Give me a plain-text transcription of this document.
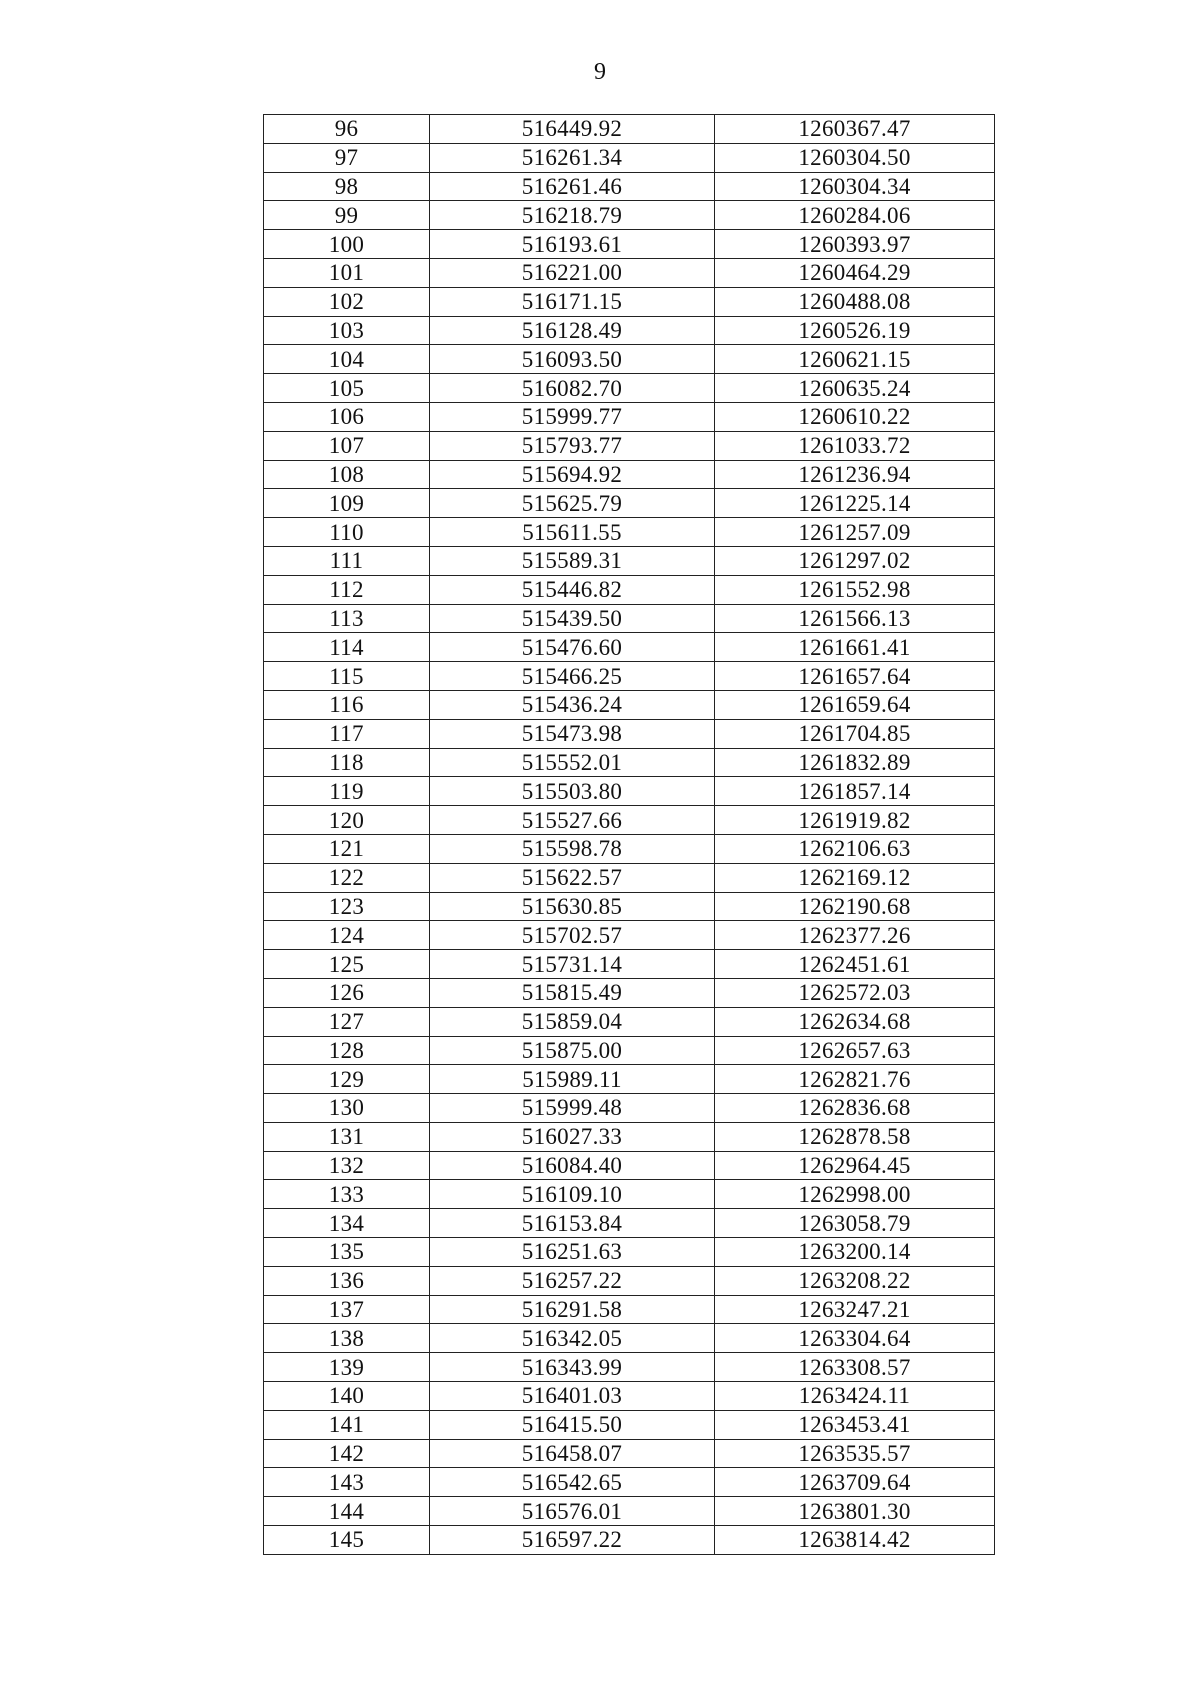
9
96	516449.92	1260367.47
97	516261.34	1260304.50
98	516261.46	1260304.34
99	516218.79	1260284.06
100	516193.61	1260393.97
101	516221.00	1260464.29
102	516171.15	1260488.08
103	516128.49	1260526.19
104	516093.50	1260621.15
105	516082.70	1260635.24
106	515999.77	1260610.22
107	515793.77	1261033.72
108	515694.92	1261236.94
109	515625.79	1261225.14
110	515611.55	1261257.09
111	515589.31	1261297.02
112	515446.82	1261552.98
113	515439.50	1261566.13
114	515476.60	1261661.41
115	515466.25	1261657.64
116	515436.24	1261659.64
117	515473.98	1261704.85
118	515552.01	1261832.89
119	515503.80	1261857.14
120	515527.66	1261919.82
121	515598.78	1262106.63
122	515622.57	1262169.12
123	515630.85	1262190.68
124	515702.57	1262377.26
125	515731.14	1262451.61
126	515815.49	1262572.03
127	515859.04	1262634.68
128	515875.00	1262657.63
129	515989.11	1262821.76
130	515999.48	1262836.68
131	516027.33	1262878.58
132	516084.40	1262964.45
133	516109.10	1262998.00
134	516153.84	1263058.79
135	516251.63	1263200.14
136	516257.22	1263208.22
137	516291.58	1263247.21
138	516342.05	1263304.64
139	516343.99	1263308.57
140	516401.03	1263424.11
141	516415.50	1263453.41
142	516458.07	1263535.57
143	516542.65	1263709.64
144	516576.01	1263801.30
145	516597.22	1263814.42
